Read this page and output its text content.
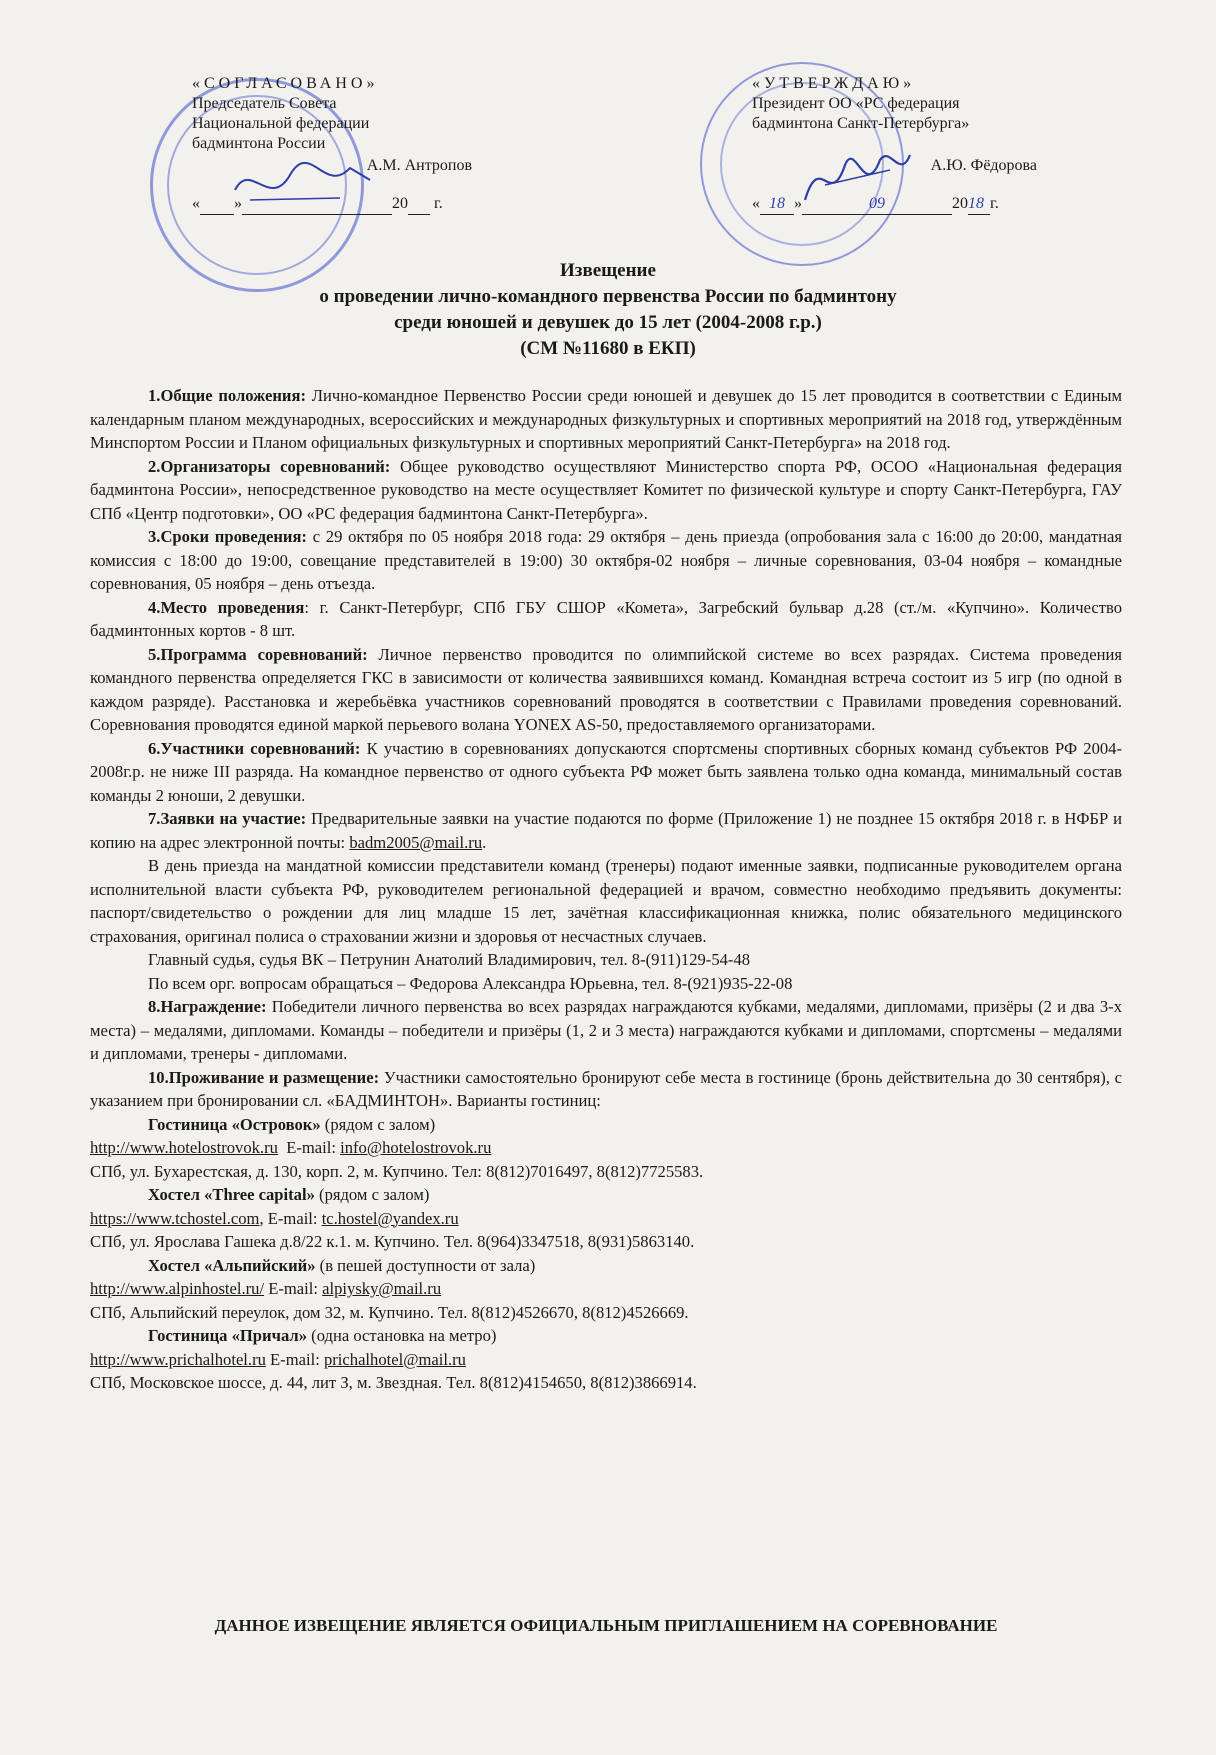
«СОГЛАСОВАНО»
Председатель Совета
Национальной федерации
бадминтона России
А.М. Антропов
« »	20 г.
«УТВЕРЖДАЮ»
Президент ОО «РС федерация
бадминтона Санкт-Петербурга»
А.Ю. Фёдорова
« 18 »	09	2018 г.
Извещение
о проведении лично-командного первенства России по бадминтону
среди юношей и девушек до 15 лет (2004-2008 г.р.)
(СМ №11680 в ЕКП)

1.Общие положения: Лично-командное Первенство России среди юношей и девушек до 15 лет проводится в соответствии с Единым календарным планом международных, всероссийских и международных физкультурных и спортивных мероприятий на 2018 год, утверждённым Минспортом России и Планом официальных физкультурных и спортивных мероприятий Санкт-Петербурга» на 2018 год.

2.Организаторы соревнований: Общее руководство осуществляют Министерство спорта РФ, ОСОО «Национальная федерация бадминтона России», непосредственное руководство на месте осуществляет Комитет по физической культуре и спорту Санкт-Петербурга, ГАУ СПб «Центр подготовки», ОО «РС федерация бадминтона Санкт-Петербурга».

3.Сроки проведения: с 29 октября по 05 ноября 2018 года: 29 октября – день приезда (опробования зала с 16:00 до 20:00, мандатная комиссия с 18:00 до 19:00, совещание представителей в 19:00) 30 октября-02 ноября – личные соревнования, 03-04 ноября – командные соревнования, 05 ноября – день отъезда.

4.Место проведения: г. Санкт-Петербург, СПб ГБУ СШОР «Комета», Загребский бульвар д.28 (ст./м. «Купчино». Количество бадминтонных кортов - 8 шт.

5.Программа соревнований: Личное первенство проводится по олимпийской системе во всех разрядах. Система проведения командного первенства определяется ГКС в зависимости от количества заявившихся команд. Командная встреча состоит из 5 игр (по одной в каждом разряде). Расстановка и жеребьёвка участников соревнований проводятся в соответствии с Правилами проведения соревнований. Соревнования проводятся единой маркой перьевого волана YONEX AS-50, предоставляемого организаторами.

6.Участники соревнований: К участию в соревнованиях допускаются спортсмены спортивных сборных команд субъектов РФ 2004-2008г.р. не ниже III разряда. На командное первенство от одного субъекта РФ может быть заявлена только одна команда, минимальный состав команды 2 юноши, 2 девушки.

7.Заявки на участие: Предварительные заявки на участие подаются по форме (Приложение 1) не позднее 15 октября 2018 г. в НФБР и копию на адрес электронной почты: badm2005@mail.ru.

В день приезда на мандатной комиссии представители команд (тренеры) подают именные заявки, подписанные руководителем органа исполнительной власти субъекта РФ, руководителем региональной федерацией и врачом, совместно необходимо предъявить документы: паспорт/свидетельство о рождении для лиц младше 15 лет, зачётная классификационная книжка, полис обязательного медицинского страхования, оригинал полиса о страховании жизни и здоровья от несчастных случаев.

Главный судья, судья ВК – Петрунин Анатолий Владимирович, тел. 8-(911)129-54-48

По всем орг. вопросам обращаться – Федорова Александра Юрьевна, тел. 8-(921)935-22-08

8.Награждение: Победители личного первенства во всех разрядах награждаются кубками, медалями, дипломами, призёры (2 и два 3-х места) – медалями, дипломами. Команды – победители и призёры (1, 2 и 3 места) награждаются кубками и дипломами, спортсмены – медалями и дипломами, тренеры - дипломами.

10.Проживание и размещение: Участники самостоятельно бронируют себе места в гостинице (бронь действительна до 30 сентября), с указанием при бронировании сл. «БАДМИНТОН». Варианты гостиниц:

Гостиница «Островок» (рядом с залом)

http://www.hotelostrovok.ru E-mail: info@hotelostrovok.ru

СПб, ул. Бухарестская, д. 130, корп. 2, м. Купчино. Тел: 8(812)7016497, 8(812)7725583.

Хостел «Three capital» (рядом с залом)

https://www.tchostel.com, E-mail: tc.hostel@yandex.ru

СПб, ул. Ярослава Гашека д.8/22 к.1. м. Купчино. Тел. 8(964)3347518, 8(931)5863140.

Хостел «Альпийский» (в пешей доступности от зала)

http://www.alpinhostel.ru/ E-mail: alpiysky@mail.ru

СПб, Альпийский переулок, дом 32, м. Купчино. Тел. 8(812)4526670, 8(812)4526669.

Гостиница «Причал» (одна остановка на метро)

http://www.prichalhotel.ru E-mail: prichalhotel@mail.ru

СПб, Московское шоссе, д. 44, лит З, м. Звездная. Тел. 8(812)4154650, 8(812)3866914.

ДАННОЕ ИЗВЕЩЕНИЕ ЯВЛЯЕТСЯ ОФИЦИАЛЬНЫМ ПРИГЛАШЕНИЕМ НА СОРЕВНОВАНИЕ
